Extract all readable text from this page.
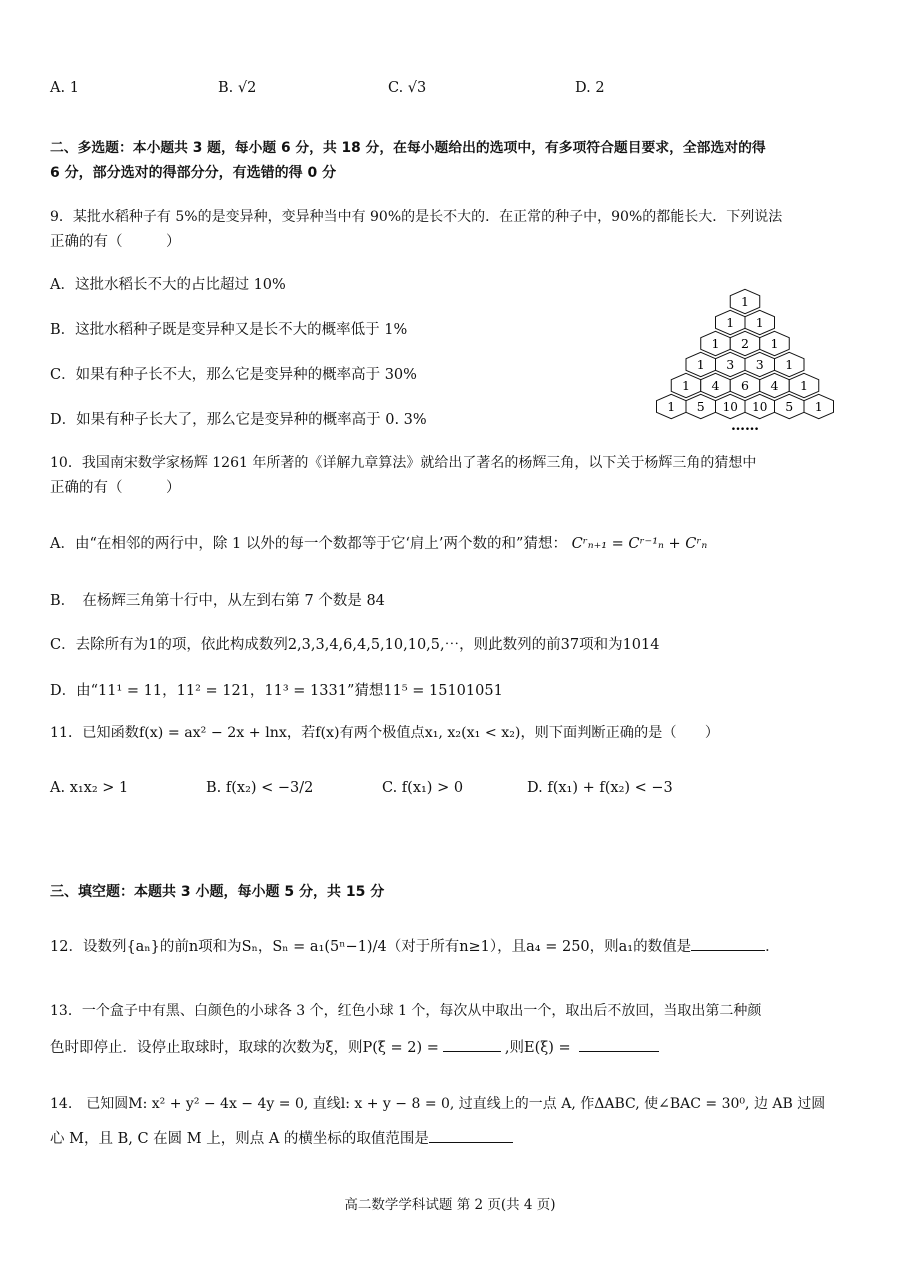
A. 1	B. √2	C. √3	D. 2
二、多选题：本小题共 3 题，每小题 6 分，共 18 分，在每小题给出的选项中，有多项符合题目要求，全部选对的得
6 分，部分选对的得部分分，有选错的得 0 分
9．某批水稻种子有 5%的是变异种，变异种当中有 90%的是长不大的．在正常的种子中，90%的都能长大．下列说法
正确的有（　　　）
A．这批水稻长不大的占比超过 10%
B．这批水稻种子既是变异种又是长不大的概率低于 1%
C．如果有种子长不大，那么它是变异种的概率高于 30%
D．如果有种子长大了，那么它是变异种的概率高于 0. 3%
1
1 1
1 2 1
1 3 3 1
1 4 6 4 1
1 5 10 10 5 1
……
10．我国南宋数学家杨辉 1261 年所著的《详解九章算法》就给出了著名的杨辉三角，以下关于杨辉三角的猜想中
正确的有（　　　）
A．由“在相邻的两行中，除 1 以外的每一个数都等于它‘肩上’两个数的和”猜想： Cʳₙ₊₁ = Cʳ⁻¹ₙ + Cʳₙ
B．　在杨辉三角第十行中，从左到右第 7 个数是 84
C．去除所有为1的项，依此构成数列2,3,3,4,6,4,5,10,10,5,⋯，则此数列的前37项和为1014
D．由“11¹ = 11，11² = 121，11³ = 1331”猜想11⁵ = 15101051
11．已知函数f(x) = ax² − 2x + lnx，若f(x)有两个极值点x₁, x₂(x₁ < x₂)，则下面判断正确的是（　　）
A. x₁x₂ > 1	B. f(x₂) < −3/2	C. f(x₁) > 0	D. f(x₁) + f(x₂) < −3
三、填空题：本题共 3 小题，每小题 5 分，共 15 分
12．设数列{aₙ}的前n项和为Sₙ，Sₙ = a₁(5ⁿ−1)/4（对于所有n≥1），且a₄ = 250，则a₁的数值是	．
13．一个盒子中有黑、白颜色的小球各 3 个，红色小球 1 个，每次从中取出一个，取出后不放回，当取出第二种颜
色时即停止．设停止取球时，取球的次数为ξ，则P(ξ = 2) =	,则E(ξ) =
14.　已知圆M: x² + y² − 4x − 4y = 0, 直线l: x + y − 8 = 0, 过直线上的一点 A, 作ΔABC, 使∠BAC = 30⁰, 边 AB 过圆
心 M，且 B, C 在圆 M 上，则点 A 的横坐标的取值范围是
高二数学学科试题 第 2 页(共 4 页)
